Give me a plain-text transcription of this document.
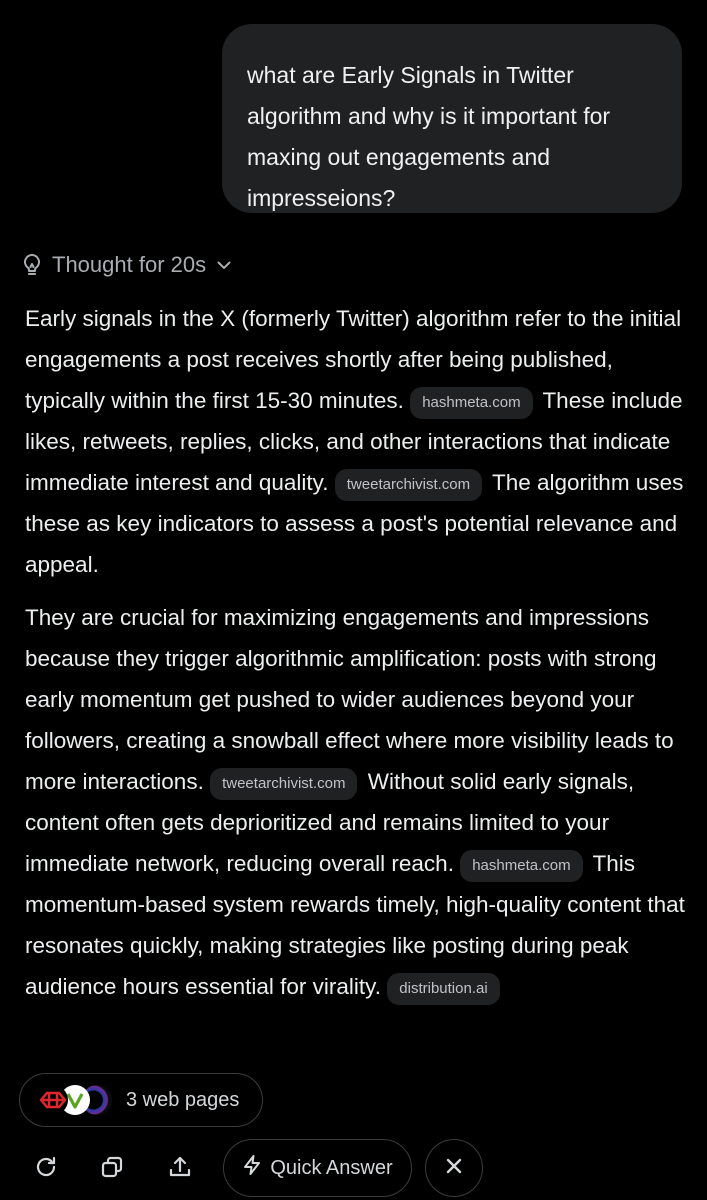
what are Early Signals in Twitter algorithm and why is it important for maxing out engagements and impresseions?
Thought for 20s

Early signals in the X (formerly Twitter) algorithm refer to the initial engagements a post receives shortly after being published, typically within the first 15-30 minutes. hashmeta.com These include likes, retweets, replies, clicks, and other interactions that indicate immediate interest and quality. tweetarchivist.com The algorithm uses these as key indicators to assess a post's potential relevance and appeal.

They are crucial for maximizing engagements and impressions because they trigger algorithmic amplification: posts with strong early momentum get pushed to wider audiences beyond your followers, creating a snowball effect where more visibility leads to more interactions. tweetarchivist.com Without solid early signals, content often gets deprioritized and remains limited to your immediate network, reducing overall reach. hashmeta.com This momentum-based system rewards timely, high-quality content that resonates quickly, making strategies like posting during peak audience hours essential for virality. distribution.ai

3 web pages
Quick Answer
